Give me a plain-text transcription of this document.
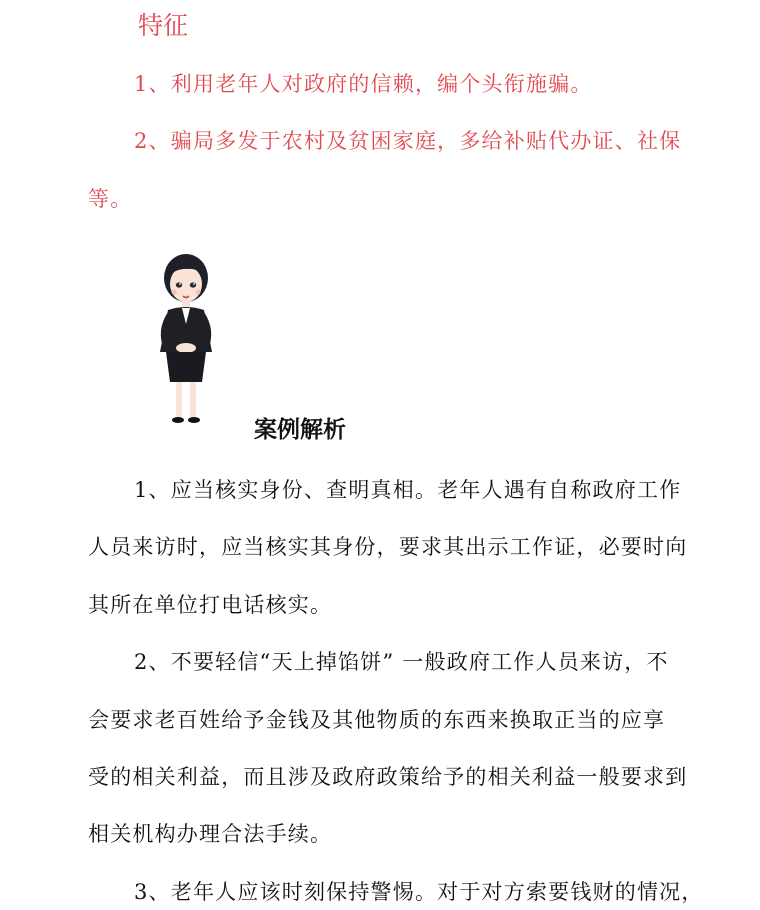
特征
1、利用老年人对政府的信赖，编个头衔施骗。
2、骗局多发于农村及贫困家庭，多给补贴代办证、社保
等。
案例解析
1、应当核实身份、查明真相。老年人遇有自称政府工作
人员来访时，应当核实其身份，要求其出示工作证，必要时向
其所在单位打电话核实。
2、不要轻信“天上掉馅饼” 一般政府工作人员来访，不
会要求老百姓给予金钱及其他物质的东西来换取正当的应享
受的相关利益，而且涉及政府政策给予的相关利益一般要求到
相关机构办理合法手续。
3、老年人应该时刻保持警惕。对于对方索要钱财的情况，
